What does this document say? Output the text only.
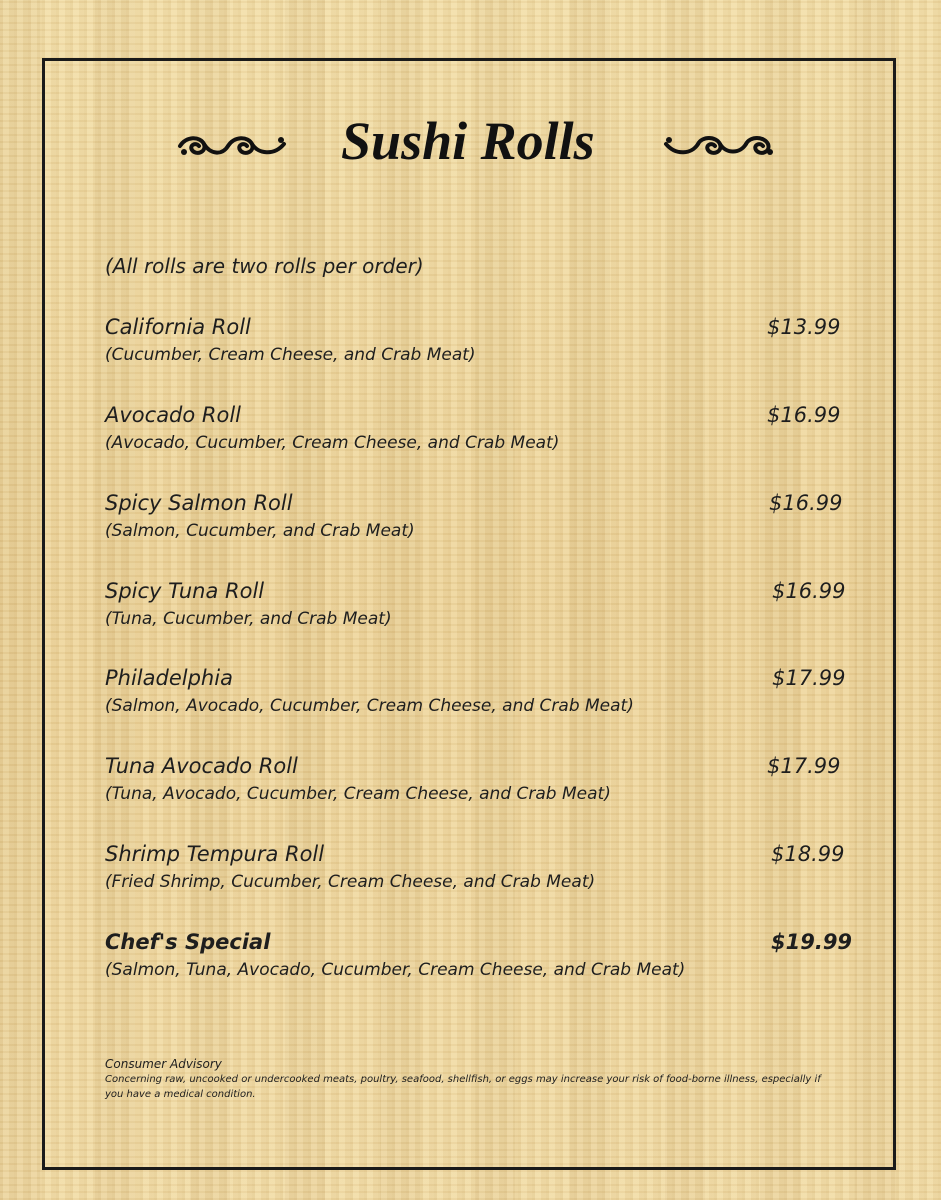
Sushi Rolls
(All rolls are two rolls per order)
California Roll	$13.99
(Cucumber, Cream Cheese, and Crab Meat)
Avocado Roll	$16.99
(Avocado, Cucumber, Cream Cheese, and Crab Meat)
Spicy Salmon Roll	$16.99
(Salmon, Cucumber, and Crab Meat)
Spicy Tuna Roll	$16.99
(Tuna, Cucumber, and Crab Meat)
Philadelphia	$17.99
(Salmon, Avocado, Cucumber, Cream Cheese, and Crab Meat)
Tuna Avocado Roll	$17.99
(Tuna, Avocado, Cucumber, Cream Cheese, and Crab Meat)
Shrimp Tempura Roll	$18.99
(Fried Shrimp, Cucumber, Cream Cheese, and Crab Meat)
Chef's Special	$19.99
(Salmon, Tuna, Avocado, Cucumber, Cream Cheese, and Crab Meat)
Consumer Advisory
Concerning raw, uncooked or undercooked meats, poultry, seafood, shellfish, or eggs may increase your risk of food-borne illness, especially if you have a medical condition.
